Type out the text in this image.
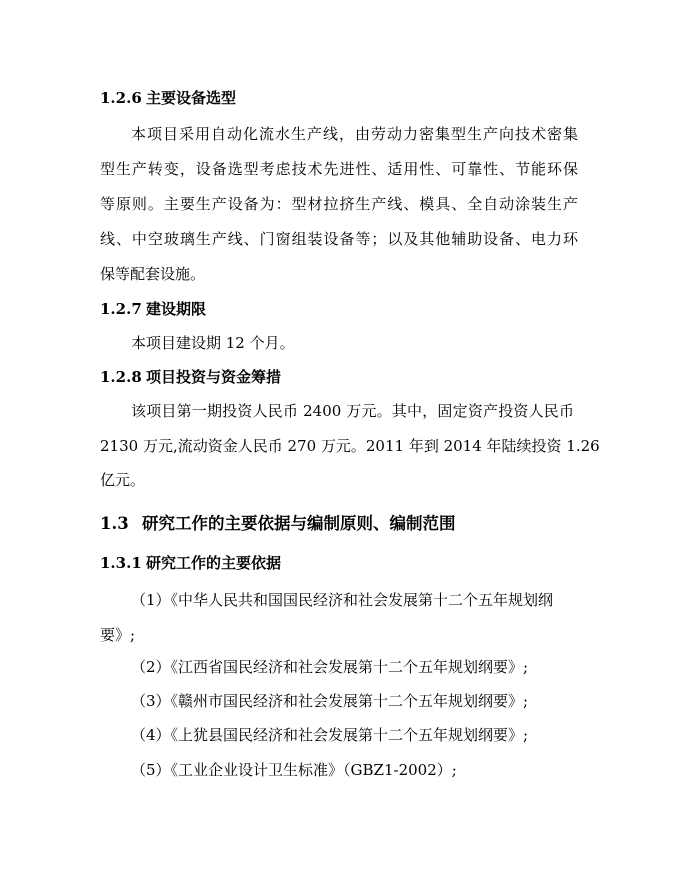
1.2.6 主要设备选型
本项目采用自动化流水生产线，由劳动力密集型生产向技术密集
型生产转变，设备选型考虑技术先进性、适用性、可靠性、节能环保
等原则。主要生产设备为：型材拉挤生产线、模具、全自动涂装生产
线、中空玻璃生产线、门窗组装设备等；以及其他辅助设备、电力环
保等配套设施。
1.2.7 建设期限
本项目建设期 12 个月。
1.2.8 项目投资与资金筹措
该项目第一期投资人民币 2400 万元。其中，固定资产投资人民币
2130 万元,流动资金人民币 270 万元。2011 年到 2014 年陆续投资 1.26
亿元。
1.3 研究工作的主要依据与编制原则、编制范围
1.3.1 研究工作的主要依据
（1）《中华人民共和国国民经济和社会发展第十二个五年规划纲
要》;
（2）《江西省国民经济和社会发展第十二个五年规划纲要》;
（3）《赣州市国民经济和社会发展第十二个五年规划纲要》;
（4）《上犹县国民经济和社会发展第十二个五年规划纲要》;
（5）《工业企业设计卫生标准》（GBZ1-2002）;
